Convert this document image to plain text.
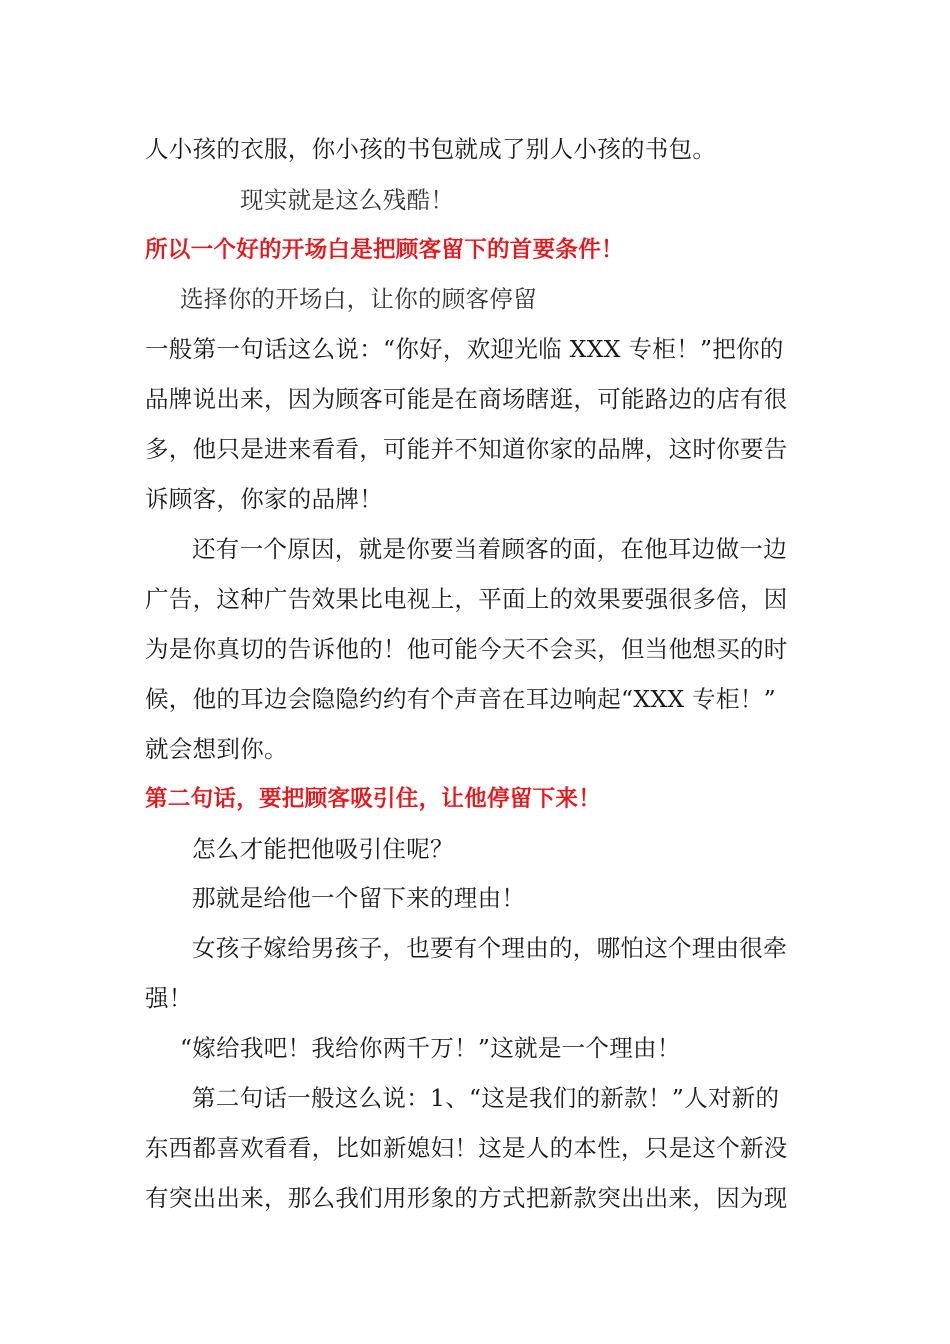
人小孩的衣服，你小孩的书包就成了别人小孩的书包。
现实就是这么残酷！
所以一个好的开场白是把顾客留下的首要条件！
选择你的开场白，让你的顾客停留
一般第一句话这么说：“你好，欢迎光临 XXX 专柜！”把你的
品牌说出来，因为顾客可能是在商场瞎逛，可能路边的店有很
多，他只是进来看看，可能并不知道你家的品牌，这时你要告
诉顾客，你家的品牌！
还有一个原因，就是你要当着顾客的面，在他耳边做一边
广告，这种广告效果比电视上，平面上的效果要强很多倍，因
为是你真切的告诉他的！他可能今天不会买，但当他想买的时
候，他的耳边会隐隐约约有个声音在耳边响起“XXX 专柜！”
就会想到你。
第二句话，要把顾客吸引住，让他停留下来！
怎么才能把他吸引住呢？
那就是给他一个留下来的理由！
女孩子嫁给男孩子，也要有个理由的，哪怕这个理由很牵
强！
“嫁给我吧！我给你两千万！”这就是一个理由！
第二句话一般这么说：1、“这是我们的新款！”人对新的
东西都喜欢看看，比如新媳妇！这是人的本性，只是这个新没
有突出出来，那么我们用形象的方式把新款突出出来，因为现
